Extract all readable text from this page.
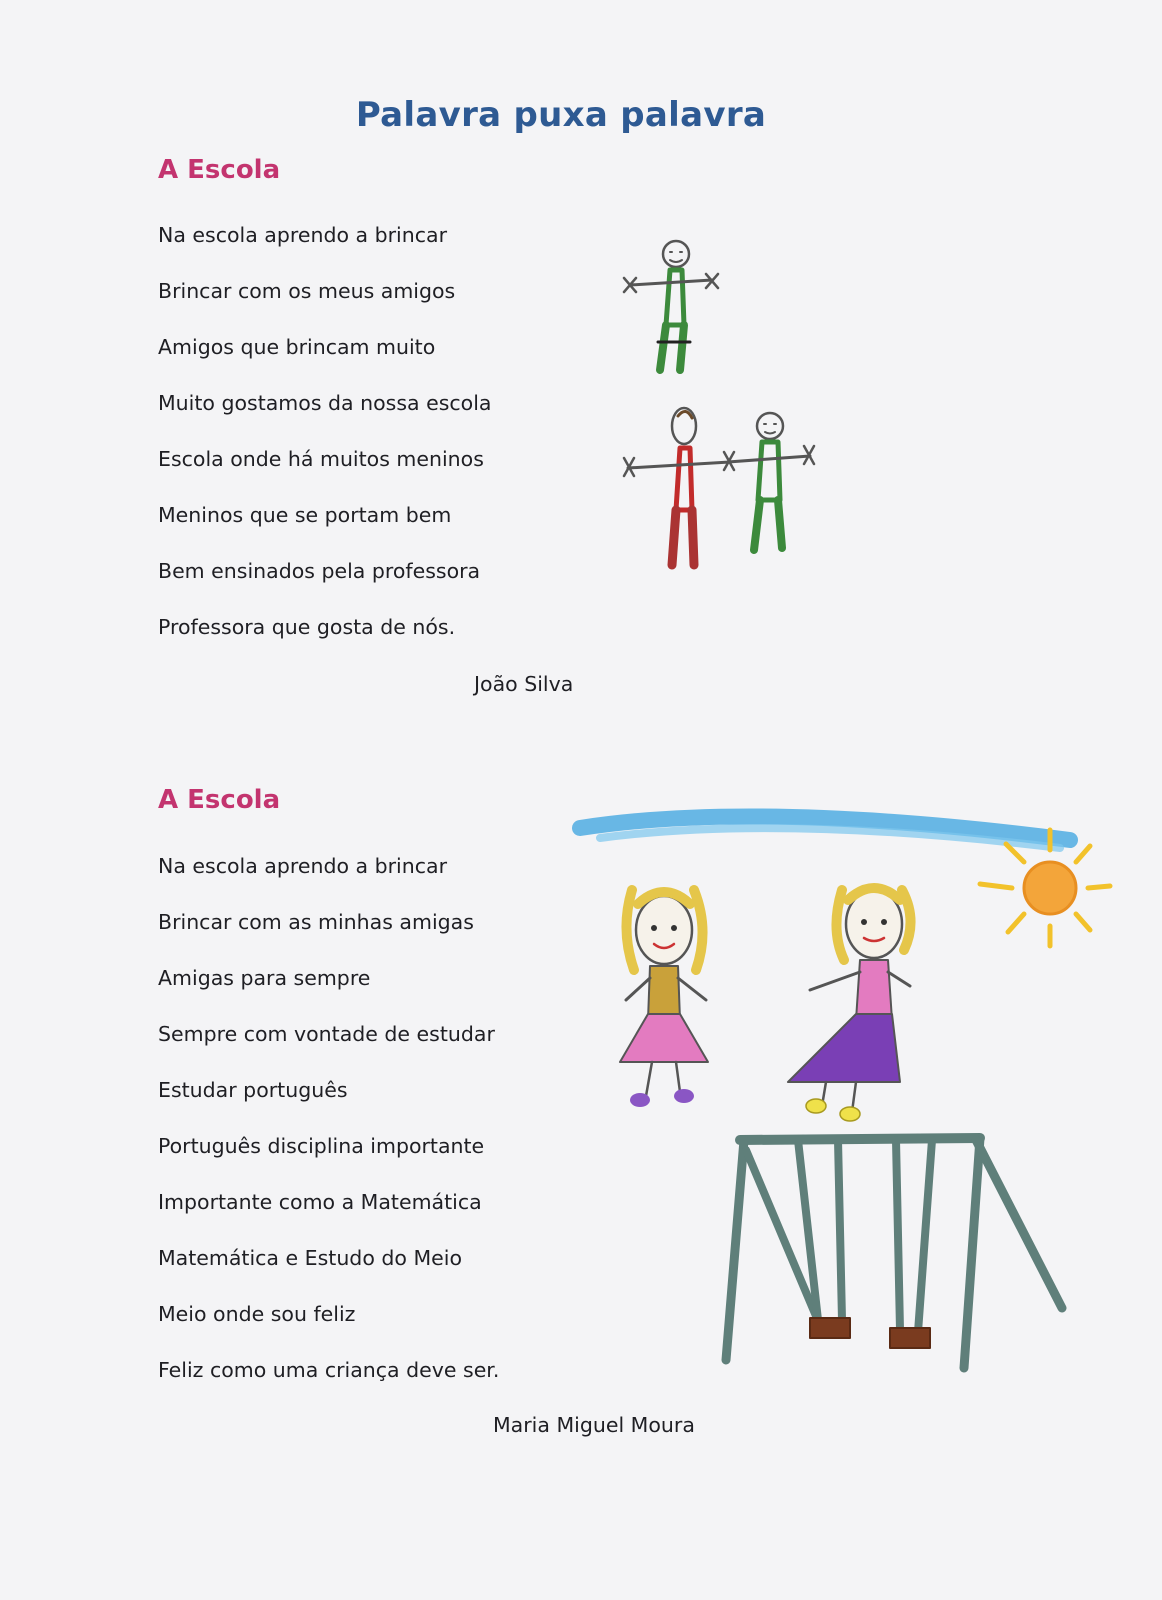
Palavra puxa palavra
A Escola
Na escola aprendo a brincar
Brincar com os meus amigos
Amigos que brincam muito
Muito gostamos da nossa escola
Escola onde há muitos meninos
Meninos que se portam bem
Bem ensinados pela professora
Professora que gosta de nós.
João Silva
A Escola
Na escola aprendo a brincar
Brincar com as minhas amigas
Amigas para sempre
Sempre com vontade de estudar
Estudar português
Português disciplina importante
Importante como a Matemática
Matemática e Estudo do Meio
Meio onde sou feliz
Feliz como uma criança deve ser.
Maria Miguel Moura
